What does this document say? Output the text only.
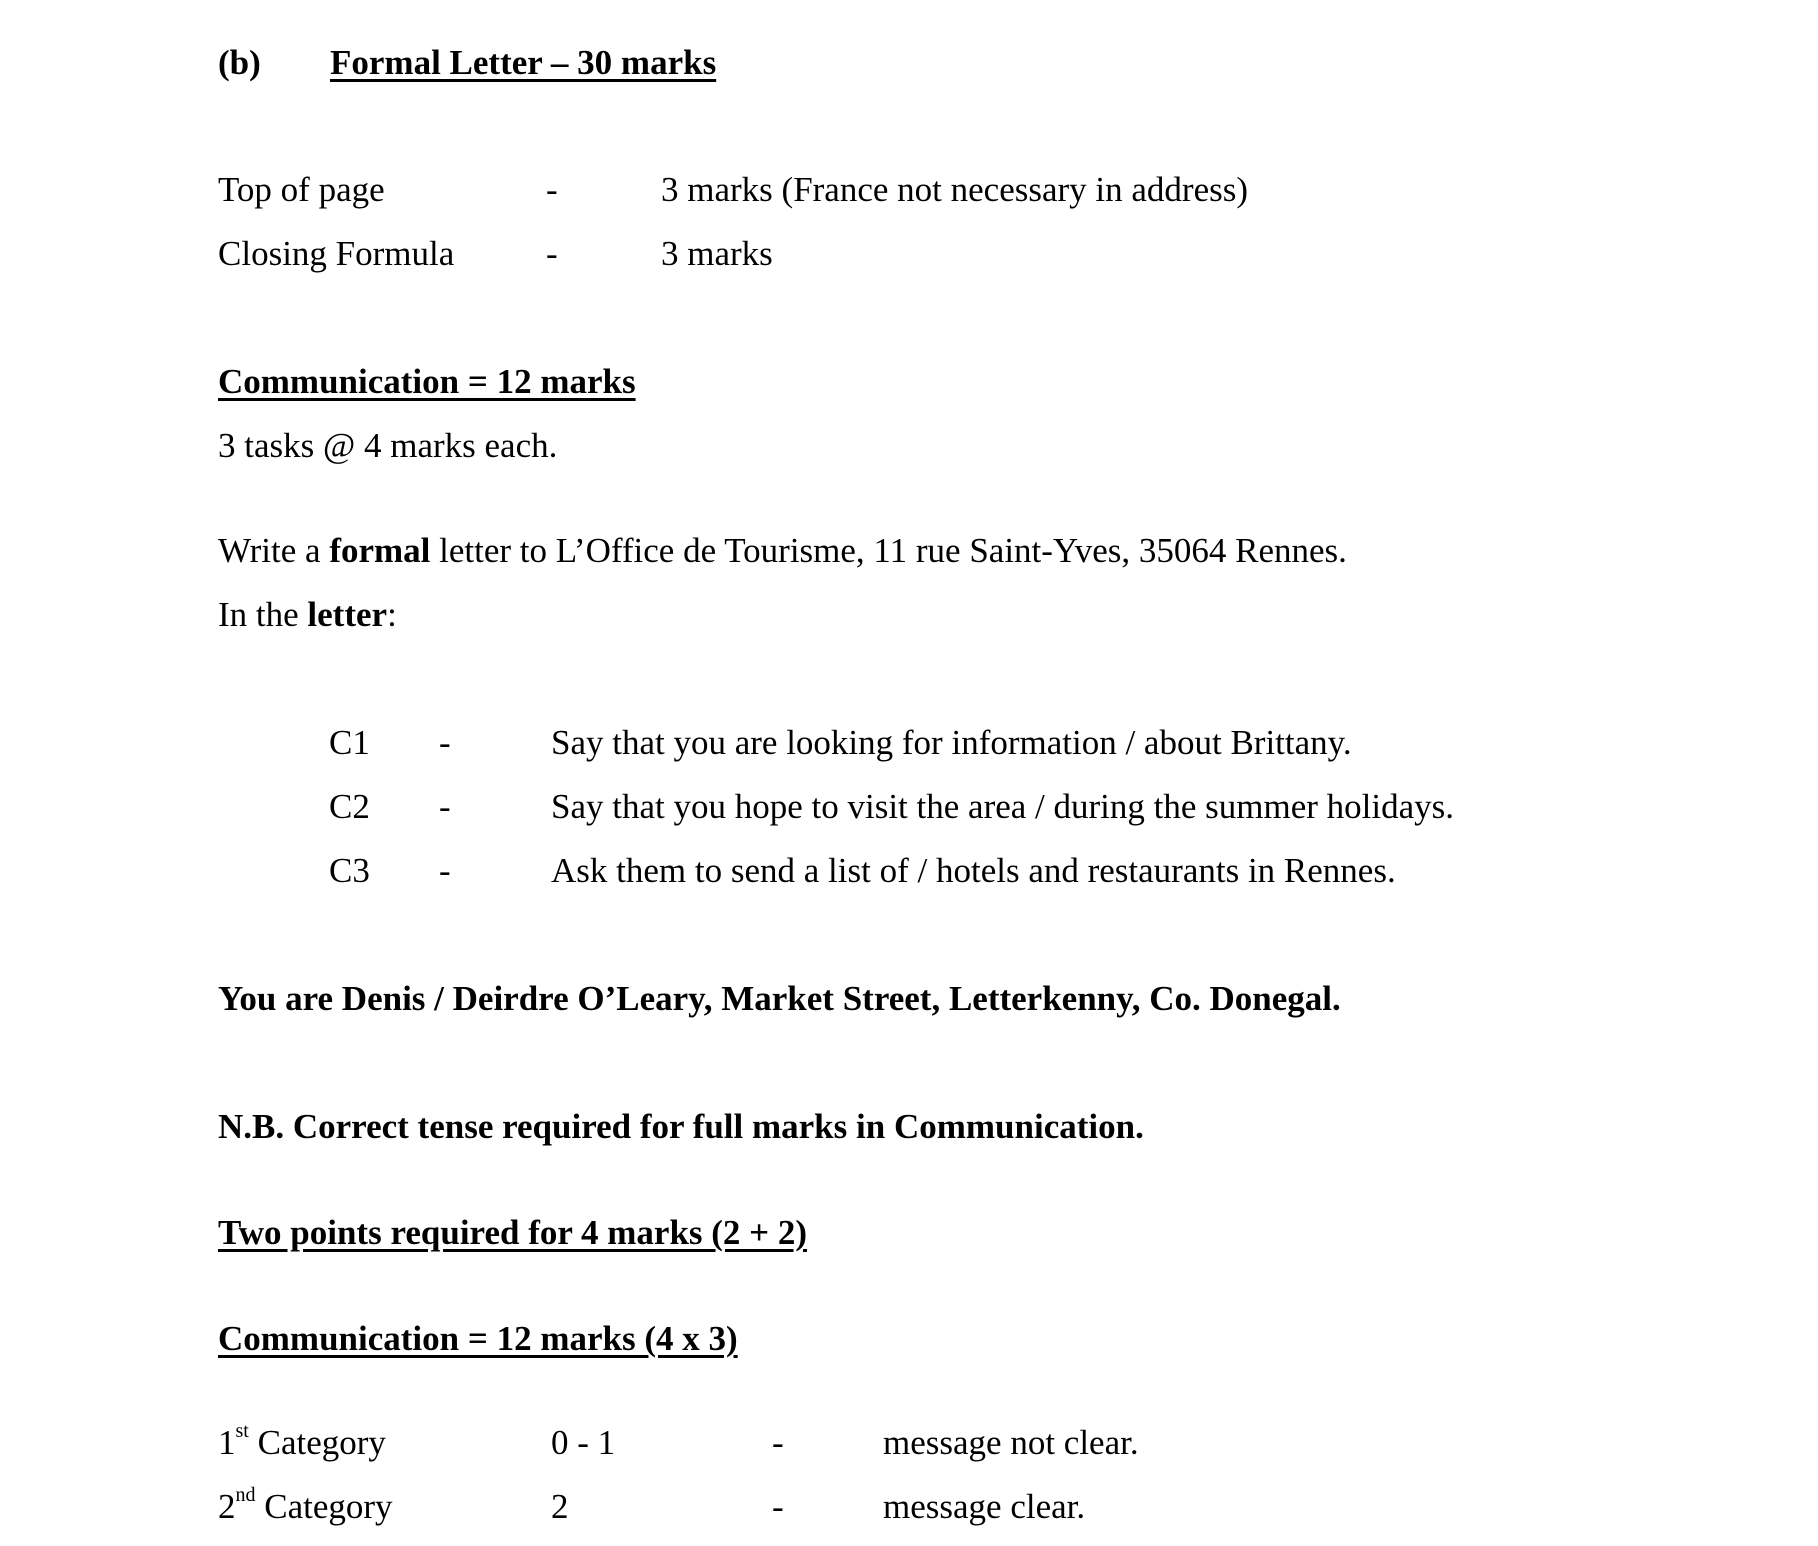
(b) Formal Letter – 30 marks
Top of page	-	3 marks (France not necessary in address)
Closing Formula	-	3 marks
Communication = 12 marks
3 tasks @ 4 marks each.
Write a formal letter to L’Office de Tourisme, 11 rue Saint-Yves, 35064 Rennes.
In the letter:
C1 -	Say that you are looking for information / about Brittany.
C2 -	Say that you hope to visit the area / during the summer holidays.
C3 -	Ask them to send a list of / hotels and restaurants in Rennes.
You are Denis / Deirdre O’Leary, Market Street, Letterkenny, Co. Donegal.
N.B. Correct tense required for full marks in Communication.
Two points required for 4 marks (2 + 2)
Communication = 12 marks (4 x 3)
1st Category	0 - 1	-	message not clear.
2nd Category	2	-	message clear.
